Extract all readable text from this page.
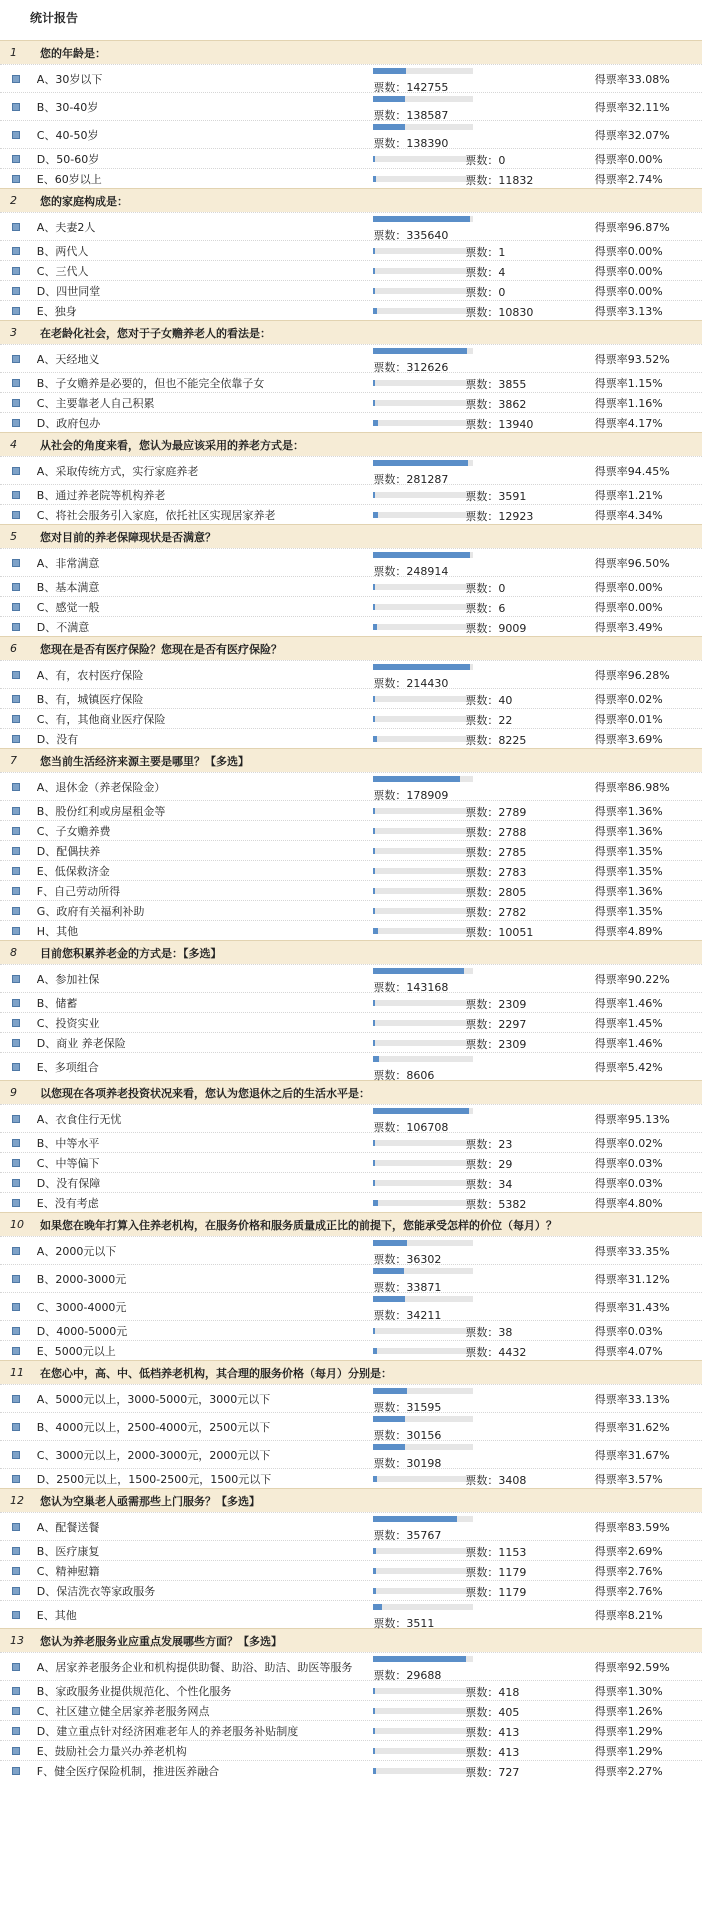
统计报告
1	您的年龄是：
A、30岁以下
票数：142755
得票率33.08%
B、30-40岁
票数：138587
得票率32.11%
C、40-50岁
票数：138390
得票率32.07%
D、50-60岁	票数：0	得票率0.00%
E、60岁以上	票数：11832	得票率2.74%
2	您的家庭构成是：
A、夫妻2人
票数：335640
得票率96.87%
B、两代人	票数：1	得票率0.00%
C、三代人	票数：4	得票率0.00%
D、四世同堂	票数：0	得票率0.00%
E、独身	票数：10830	得票率3.13%
3	在老龄化社会，您对于子女赡养老人的看法是：
A、天经地义
票数：312626
得票率93.52%
B、子女赡养是必要的，但也不能完全依靠子女	票数：3855	得票率1.15%
C、主要靠老人自己积累	票数：3862	得票率1.16%
D、政府包办	票数：13940	得票率4.17%
4	从社会的角度来看，您认为最应该采用的养老方式是：
A、采取传统方式，实行家庭养老
票数：281287
得票率94.45%
B、通过养老院等机构养老	票数：3591	得票率1.21%
C、将社会服务引入家庭，依托社区实现居家养老	票数：12923	得票率4.34%
5	您对目前的养老保障现状是否满意？
A、非常满意
票数：248914
得票率96.50%
B、基本满意	票数：0	得票率0.00%
C、感觉一般	票数：6	得票率0.00%
D、不满意	票数：9009	得票率3.49%
6	您现在是否有医疗保险？您现在是否有医疗保险？
A、有，农村医疗保险
票数：214430
得票率96.28%
B、有，城镇医疗保险	票数：40	得票率0.02%
C、有，其他商业医疗保险	票数：22	得票率0.01%
D、没有	票数：8225	得票率3.69%
7	您当前生活经济来源主要是哪里？【多选】
A、退休金（养老保险金）
票数：178909
得票率86.98%
B、股份红利或房屋租金等	票数：2789	得票率1.36%
C、子女赡养费	票数：2788	得票率1.36%
D、配偶扶养	票数：2785	得票率1.35%
E、低保救济金	票数：2783	得票率1.35%
F、自己劳动所得	票数：2805	得票率1.36%
G、政府有关福利补助	票数：2782	得票率1.35%
H、其他	票数：10051	得票率4.89%
8	目前您积累养老金的方式是：【多选】
A、参加社保
票数：143168
得票率90.22%
B、储蓄	票数：2309	得票率1.46%
C、投资实业	票数：2297	得票率1.45%
D、商业 养老保险	票数：2309	得票率1.46%
E、多项组合
票数：8606
得票率5.42%
9	以您现在各项养老投资状况来看，您认为您退休之后的生活水平是：
A、衣食住行无忧
票数：106708
得票率95.13%
B、中等水平	票数：23	得票率0.02%
C、中等偏下	票数：29	得票率0.03%
D、没有保障	票数：34	得票率0.03%
E、没有考虑	票数：5382	得票率4.80%
10	如果您在晚年打算入住养老机构，在服务价格和服务质量成正比的前提下，您能承受怎样的价位（每月）？
A、2000元以下
票数：36302
得票率33.35%
B、2000-3000元
票数：33871
得票率31.12%
C、3000-4000元
票数：34211
得票率31.43%
D、4000-5000元	票数：38	得票率0.03%
E、5000元以上	票数：4432	得票率4.07%
11	在您心中，高、中、低档养老机构，其合理的服务价格（每月）分别是：
A、5000元以上，3000-5000元，3000元以下
票数：31595
得票率33.13%
B、4000元以上，2500-4000元，2500元以下
票数：30156
得票率31.62%
C、3000元以上，2000-3000元，2000元以下
票数：30198
得票率31.67%
D、2500元以上，1500-2500元，1500元以下	票数：3408	得票率3.57%
12	您认为空巢老人亟需那些上门服务？【多选】
A、配餐送餐
票数：35767
得票率83.59%
B、医疗康复	票数：1153	得票率2.69%
C、精神慰籍	票数：1179	得票率2.76%
D、保洁洗衣等家政服务	票数：1179	得票率2.76%
E、其他
票数：3511
得票率8.21%
13	您认为养老服务业应重点发展哪些方面？【多选】
A、居家养老服务企业和机构提供助餐、助浴、助洁、助医等服务
票数：29688
得票率92.59%
B、家政服务业提供规范化、个性化服务	票数：418	得票率1.30%
C、社区建立健全居家养老服务网点	票数：405	得票率1.26%
D、建立重点针对经济困难老年人的养老服务补贴制度	票数：413	得票率1.29%
E、鼓励社会力量兴办养老机构	票数：413	得票率1.29%
F、健全医疗保险机制，推进医养融合	票数：727	得票率2.27%
